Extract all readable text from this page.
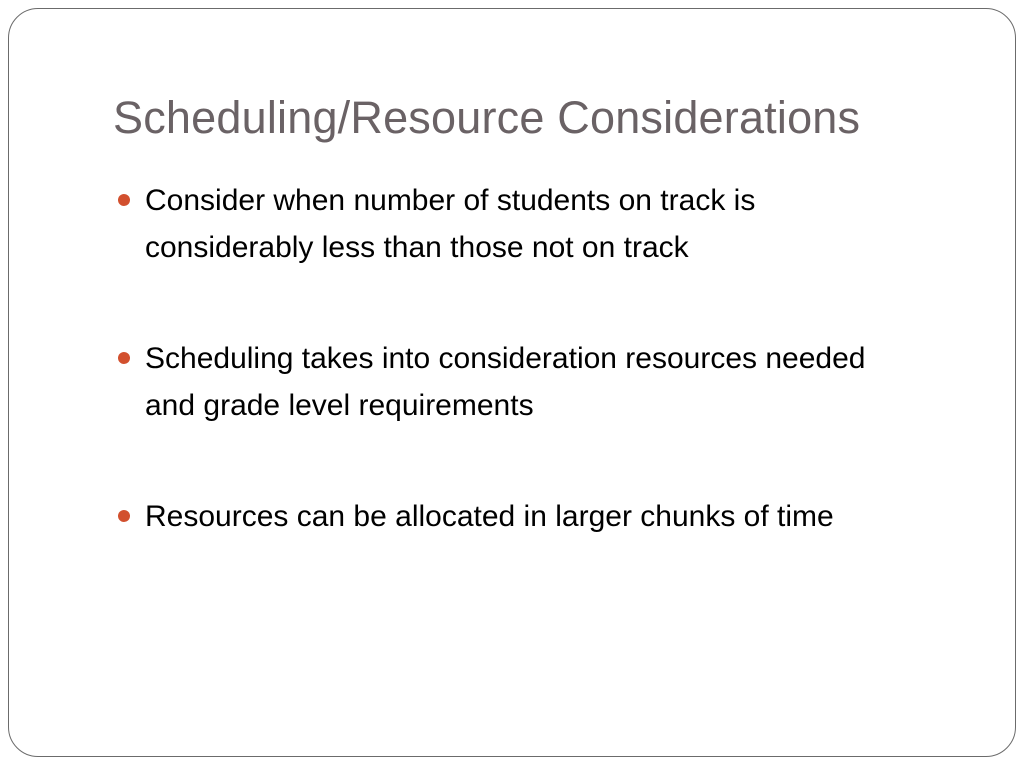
Scheduling/Resource Considerations
Consider when number of students on track is considerably less than those not on track
Scheduling takes into consideration resources needed and grade level requirements
Resources can be allocated in larger chunks of time
